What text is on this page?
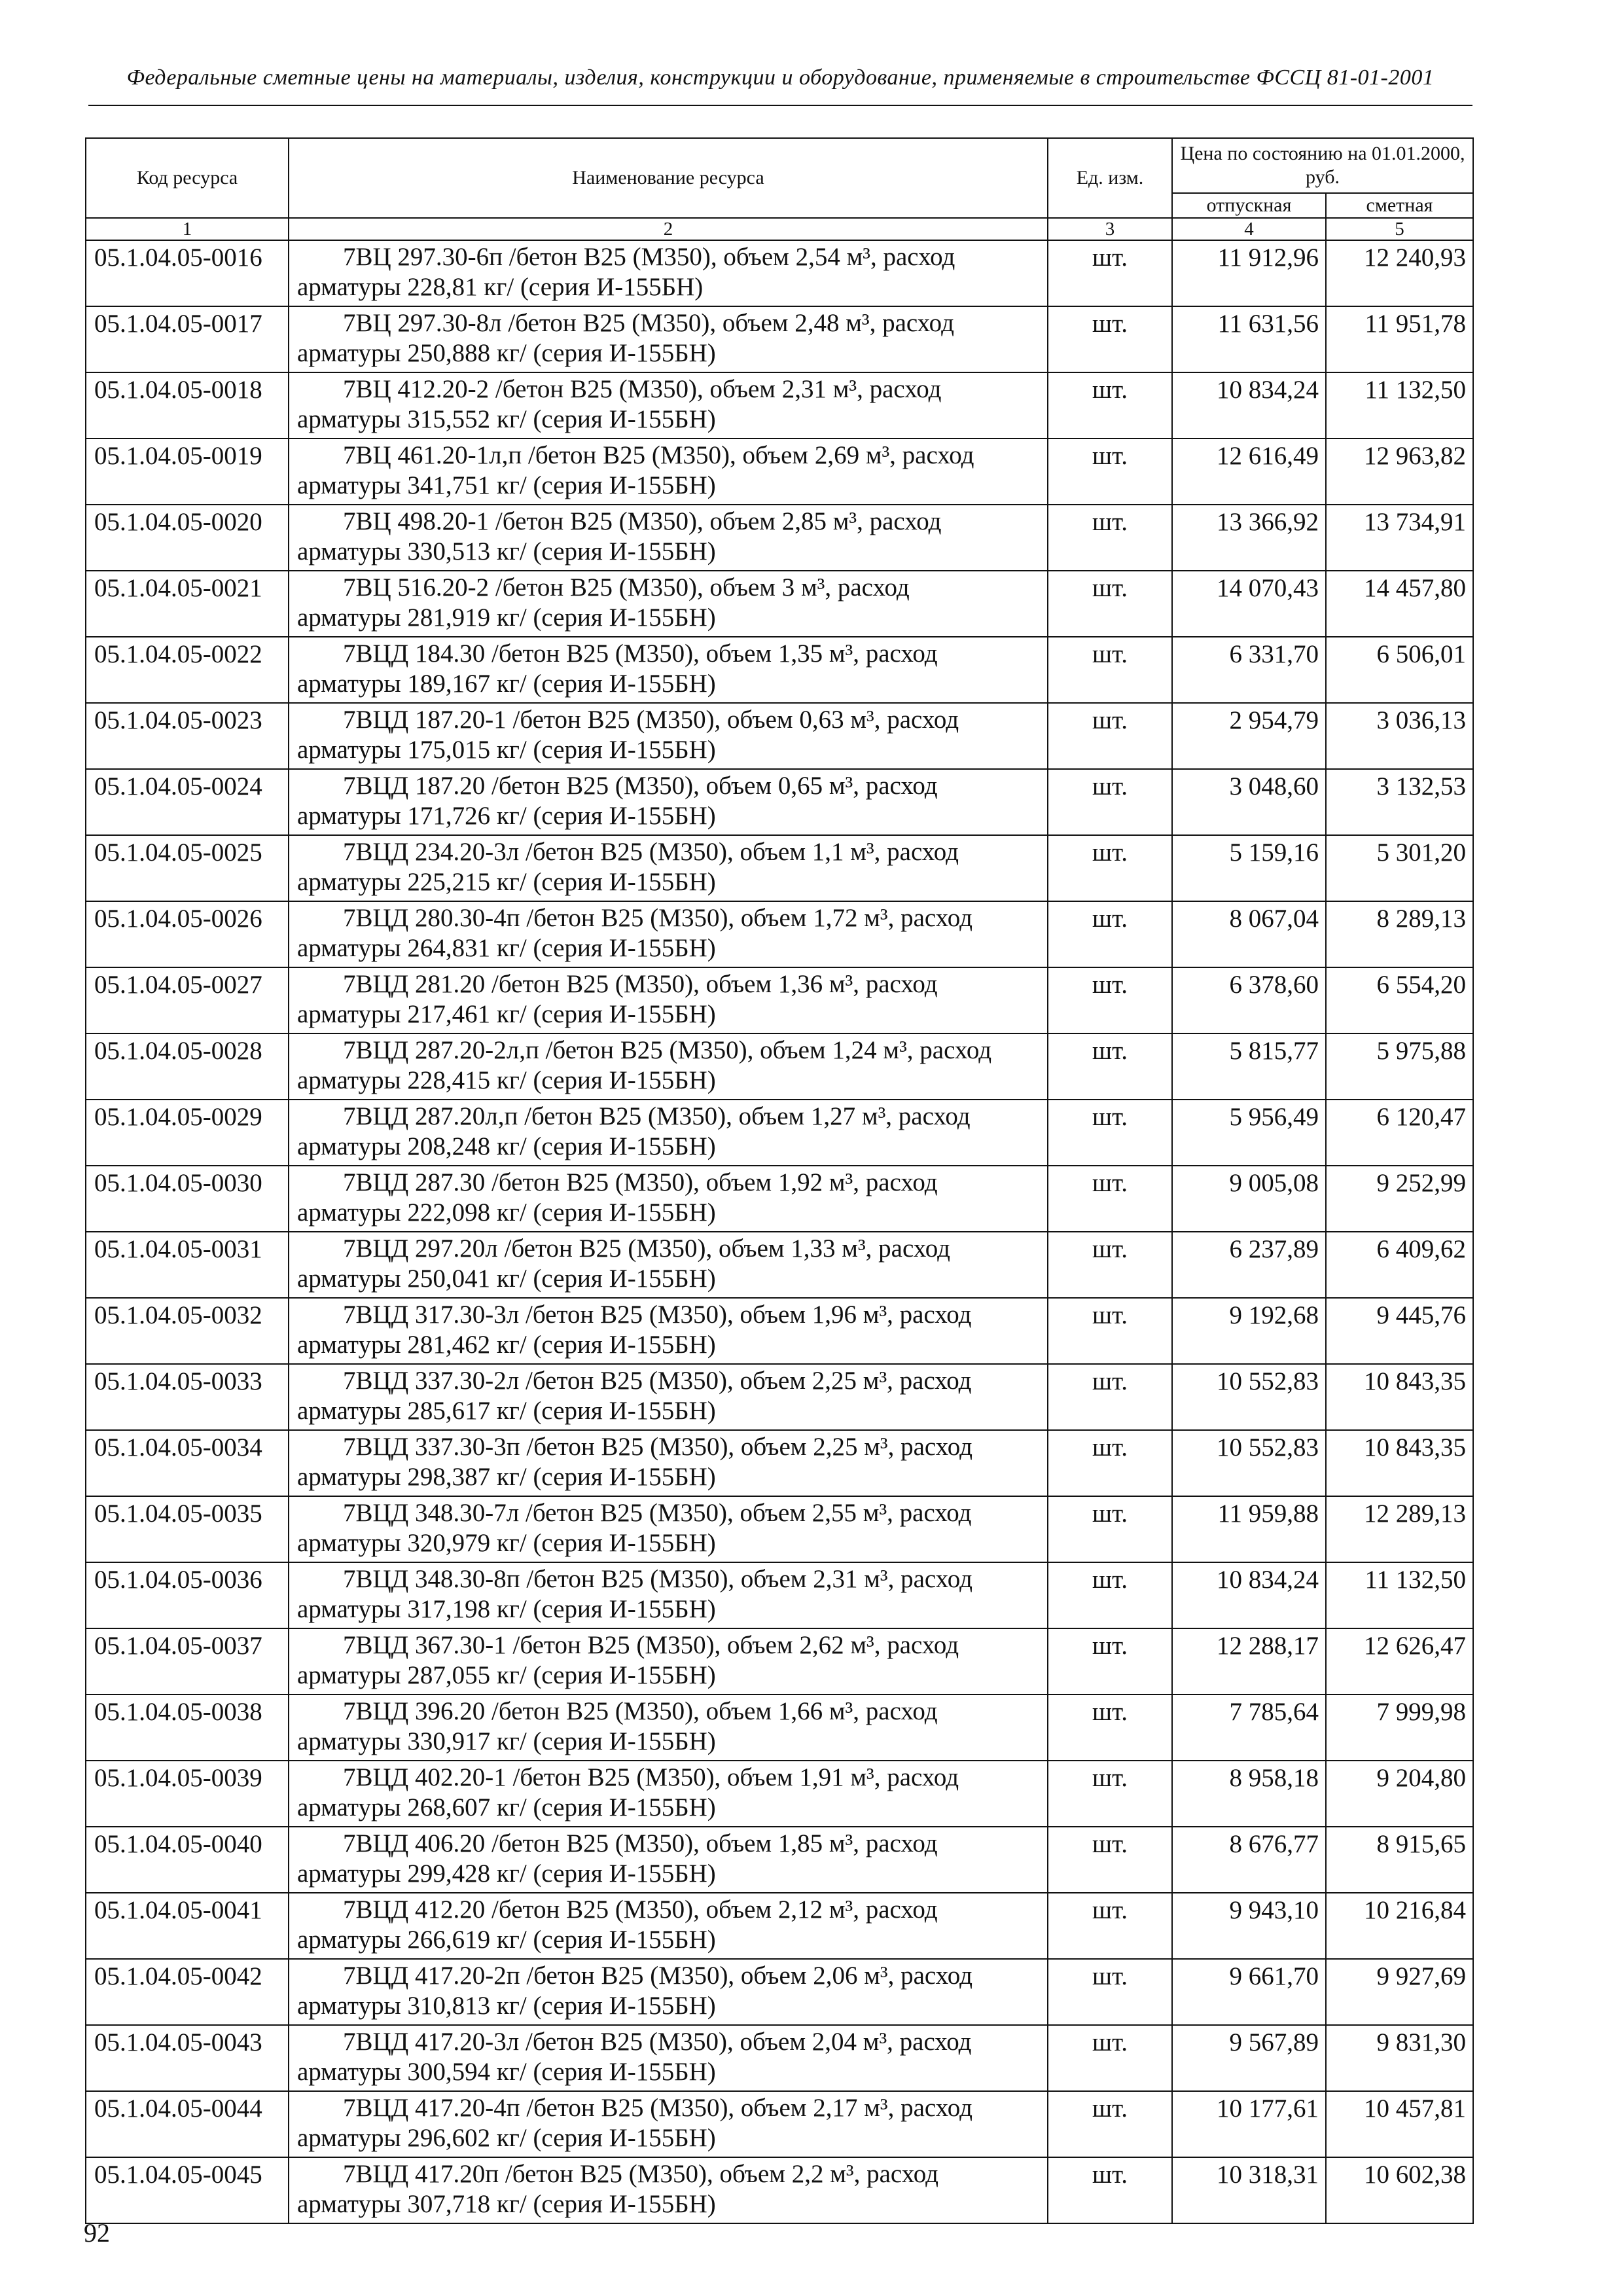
Федеральные сметные цены на материалы, изделия, конструкции и оборудование, применяемые в строительстве ФССЦ 81-01-2001
Код ресурса	Наименование ресурса	Ед. изм.	Цена по состоянию на 01.01.2000, руб.	
			отпускная	сметная
1	2	3	4	5
05.1.04.05-0016	7ВЦ 297.30-6п /бетон В25 (М350), объем 2,54 м³, расход
арматуры 228,81 кг/ (серия И-155БН)	шт.	11 912,96	12 240,93
05.1.04.05-0017	7ВЦ 297.30-8л /бетон В25 (М350), объем 2,48 м³, расход
арматуры 250,888 кг/ (серия И-155БН)	шт.	11 631,56	11 951,78
05.1.04.05-0018	7ВЦ 412.20-2 /бетон В25 (М350), объем 2,31 м³, расход
арматуры 315,552 кг/ (серия И-155БН)	шт.	10 834,24	11 132,50
05.1.04.05-0019	7ВЦ 461.20-1л,п /бетон В25 (М350), объем 2,69 м³, расход
арматуры 341,751 кг/ (серия И-155БН)	шт.	12 616,49	12 963,82
05.1.04.05-0020	7ВЦ 498.20-1 /бетон В25 (М350), объем 2,85 м³, расход
арматуры 330,513 кг/ (серия И-155БН)	шт.	13 366,92	13 734,91
05.1.04.05-0021	7ВЦ 516.20-2 /бетон В25 (М350), объем 3 м³, расход
арматуры 281,919 кг/ (серия И-155БН)	шт.	14 070,43	14 457,80
05.1.04.05-0022	7ВЦД 184.30 /бетон В25 (М350), объем 1,35 м³, расход
арматуры 189,167 кг/ (серия И-155БН)	шт.	6 331,70	6 506,01
05.1.04.05-0023	7ВЦД 187.20-1 /бетон В25 (М350), объем 0,63 м³, расход
арматуры 175,015 кг/ (серия И-155БН)	шт.	2 954,79	3 036,13
05.1.04.05-0024	7ВЦД 187.20 /бетон В25 (М350), объем 0,65 м³, расход
арматуры 171,726 кг/ (серия И-155БН)	шт.	3 048,60	3 132,53
05.1.04.05-0025	7ВЦД 234.20-3л /бетон В25 (М350), объем 1,1 м³, расход
арматуры 225,215 кг/ (серия И-155БН)	шт.	5 159,16	5 301,20
05.1.04.05-0026	7ВЦД 280.30-4п /бетон В25 (М350), объем 1,72 м³, расход
арматуры 264,831 кг/ (серия И-155БН)	шт.	8 067,04	8 289,13
05.1.04.05-0027	7ВЦД 281.20 /бетон В25 (М350), объем 1,36 м³, расход
арматуры 217,461 кг/ (серия И-155БН)	шт.	6 378,60	6 554,20
05.1.04.05-0028	7ВЦД 287.20-2л,п /бетон В25 (М350), объем 1,24 м³, расход
арматуры 228,415 кг/ (серия И-155БН)	шт.	5 815,77	5 975,88
05.1.04.05-0029	7ВЦД 287.20л,п /бетон В25 (М350), объем 1,27 м³, расход
арматуры 208,248 кг/ (серия И-155БН)	шт.	5 956,49	6 120,47
05.1.04.05-0030	7ВЦД 287.30 /бетон В25 (М350), объем 1,92 м³, расход
арматуры 222,098 кг/ (серия И-155БН)	шт.	9 005,08	9 252,99
05.1.04.05-0031	7ВЦД 297.20л /бетон В25 (М350), объем 1,33 м³, расход
арматуры 250,041 кг/ (серия И-155БН)	шт.	6 237,89	6 409,62
05.1.04.05-0032	7ВЦД 317.30-3л /бетон В25 (М350), объем 1,96 м³, расход
арматуры 281,462 кг/ (серия И-155БН)	шт.	9 192,68	9 445,76
05.1.04.05-0033	7ВЦД 337.30-2л /бетон В25 (М350), объем 2,25 м³, расход
арматуры 285,617 кг/ (серия И-155БН)	шт.	10 552,83	10 843,35
05.1.04.05-0034	7ВЦД 337.30-3п /бетон В25 (М350), объем 2,25 м³, расход
арматуры 298,387 кг/ (серия И-155БН)	шт.	10 552,83	10 843,35
05.1.04.05-0035	7ВЦД 348.30-7л /бетон В25 (М350), объем 2,55 м³, расход
арматуры 320,979 кг/ (серия И-155БН)	шт.	11 959,88	12 289,13
05.1.04.05-0036	7ВЦД 348.30-8п /бетон В25 (М350), объем 2,31 м³, расход
арматуры 317,198 кг/ (серия И-155БН)	шт.	10 834,24	11 132,50
05.1.04.05-0037	7ВЦД 367.30-1 /бетон В25 (М350), объем 2,62 м³, расход
арматуры 287,055 кг/ (серия И-155БН)	шт.	12 288,17	12 626,47
05.1.04.05-0038	7ВЦД 396.20 /бетон В25 (М350), объем 1,66 м³, расход
арматуры 330,917 кг/ (серия И-155БН)	шт.	7 785,64	7 999,98
05.1.04.05-0039	7ВЦД 402.20-1 /бетон В25 (М350), объем 1,91 м³, расход
арматуры 268,607 кг/ (серия И-155БН)	шт.	8 958,18	9 204,80
05.1.04.05-0040	7ВЦД 406.20 /бетон В25 (М350), объем 1,85 м³, расход
арматуры 299,428 кг/ (серия И-155БН)	шт.	8 676,77	8 915,65
05.1.04.05-0041	7ВЦД 412.20 /бетон В25 (М350), объем 2,12 м³, расход
арматуры 266,619 кг/ (серия И-155БН)	шт.	9 943,10	10 216,84
05.1.04.05-0042	7ВЦД 417.20-2п /бетон В25 (М350), объем 2,06 м³, расход
арматуры 310,813 кг/ (серия И-155БН)	шт.	9 661,70	9 927,69
05.1.04.05-0043	7ВЦД 417.20-3л /бетон В25 (М350), объем 2,04 м³, расход
арматуры 300,594 кг/ (серия И-155БН)	шт.	9 567,89	9 831,30
05.1.04.05-0044	7ВЦД 417.20-4п /бетон В25 (М350), объем 2,17 м³, расход
арматуры 296,602 кг/ (серия И-155БН)	шт.	10 177,61	10 457,81
05.1.04.05-0045	7ВЦД 417.20п /бетон В25 (М350), объем 2,2 м³, расход
арматуры 307,718 кг/ (серия И-155БН)	шт.	10 318,31	10 602,38
92
